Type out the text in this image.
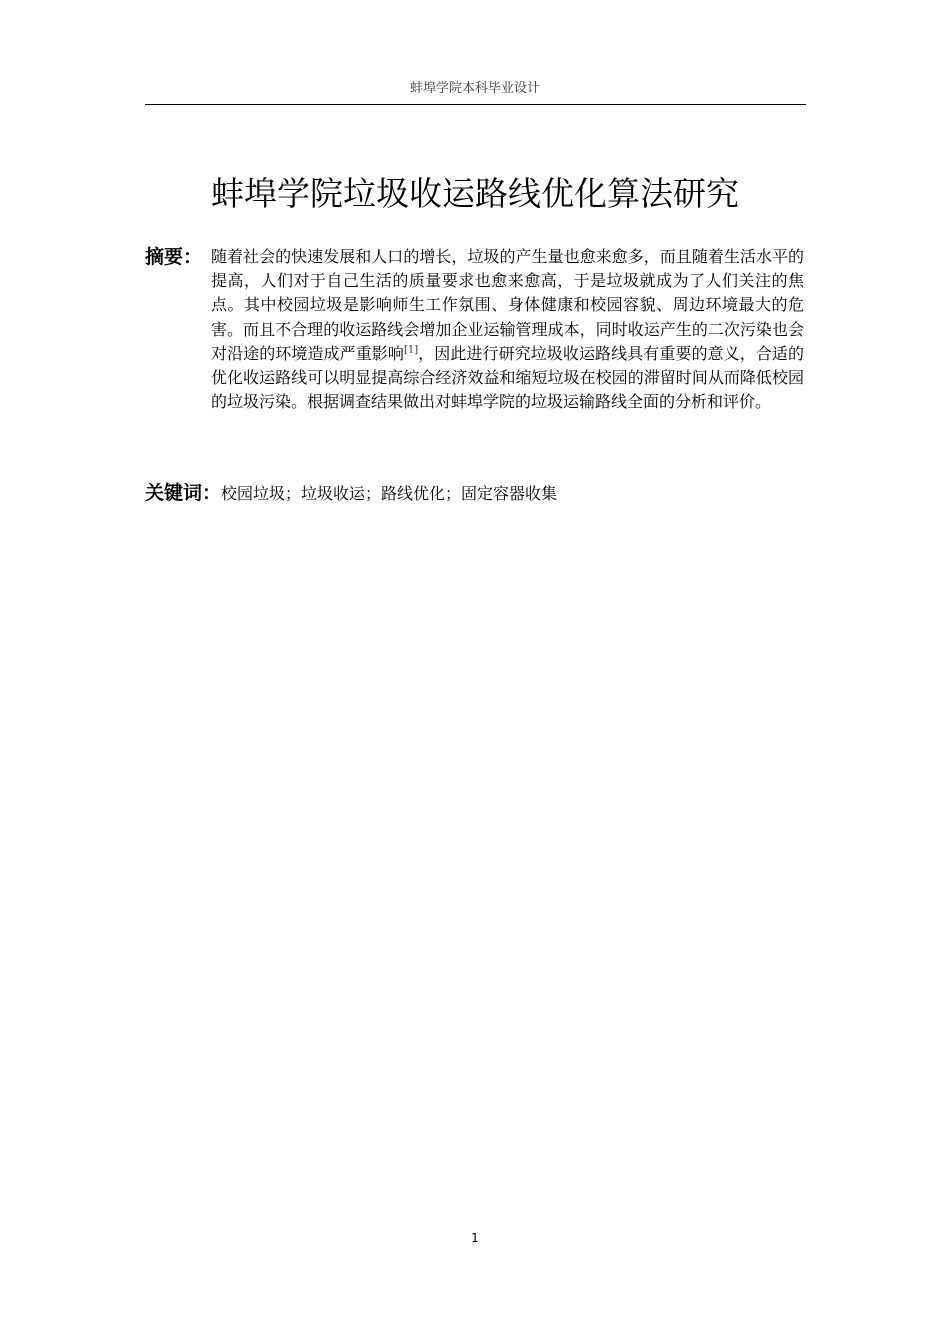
蚌埠学院本科毕业设计
蚌埠学院垃圾收运路线优化算法研究
摘要： 随着社会的快速发展和人口的增长，垃圾的产生量也愈来愈多，而且随着生活水平的提高，人们对于自己生活的质量要求也愈来愈高，于是垃圾就成为了人们关注的焦点。其中校园垃圾是影响师生工作氛围、身体健康和校园容貌、周边环境最大的危害。而且不合理的收运路线会增加企业运输管理成本，同时收运产生的二次污染也会对沿途的环境造成严重影响[1]，因此进行研究垃圾收运路线具有重要的意义，合适的优化收运路线可以明显提高综合经济效益和缩短垃圾在校园的滞留时间从而降低校园的垃圾污染。根据调查结果做出对蚌埠学院的垃圾运输路线全面的分析和评价。

关键词： 校园垃圾；垃圾收运；路线优化；固定容器收集
1
